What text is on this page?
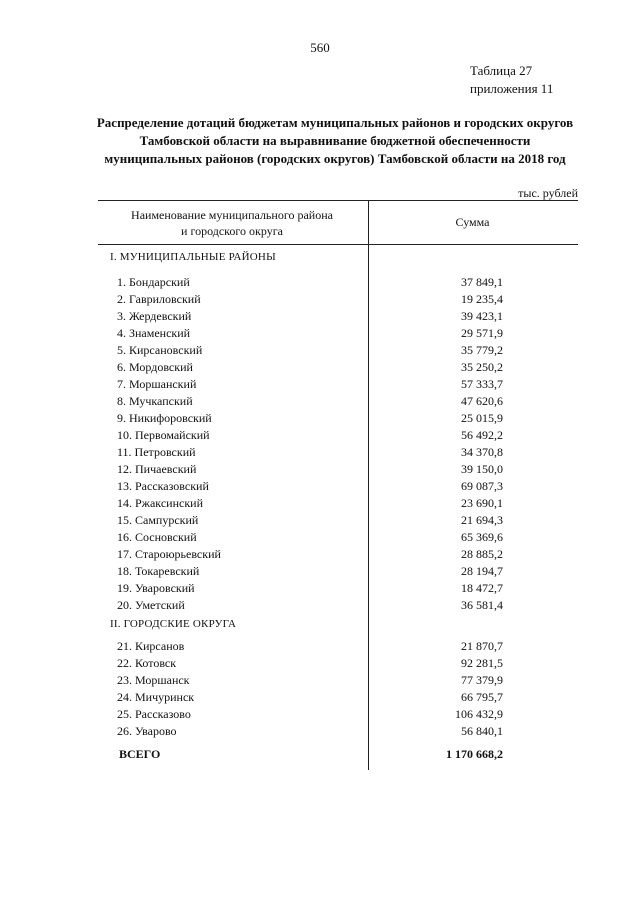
560
Таблица 27
приложения 11
Распределение дотаций бюджетам муниципальных районов и городских округов
Тамбовской области на выравнивание бюджетной обеспеченности
муниципальных районов (городских округов) Тамбовской области на 2018 год
тыс. рублей
Наименование муниципального района
и городского округа
Сумма
I. МУНИЦИПАЛЬНЫЕ РАЙОНЫ
1. Бондарский	37 849,1
2. Гавриловский	19 235,4
3. Жердевский	39 423,1
4. Знаменский	29 571,9
5. Кирсановский	35 779,2
6. Мордовский	35 250,2
7. Моршанский	57 333,7
8. Мучкапский	47 620,6
9. Никифоровский	25 015,9
10. Первомайский	56 492,2
11. Петровский	34 370,8
12. Пичаевский	39 150,0
13. Рассказовский	69 087,3
14. Ржаксинский	23 690,1
15. Сампурский	21 694,3
16. Сосновский	65 369,6
17. Староюрьевский	28 885,2
18. Токаревский	28 194,7
19. Уваровский	18 472,7
20. Уметский	36 581,4
II. ГОРОДСКИЕ ОКРУГА
21. Кирсанов	21 870,7
22. Котовск	92 281,5
23. Моршанск	77 379,9
24. Мичуринск	66 795,7
25. Рассказово	106 432,9
26. Уварово	56 840,1
ВСЕГО	1 170 668,2
